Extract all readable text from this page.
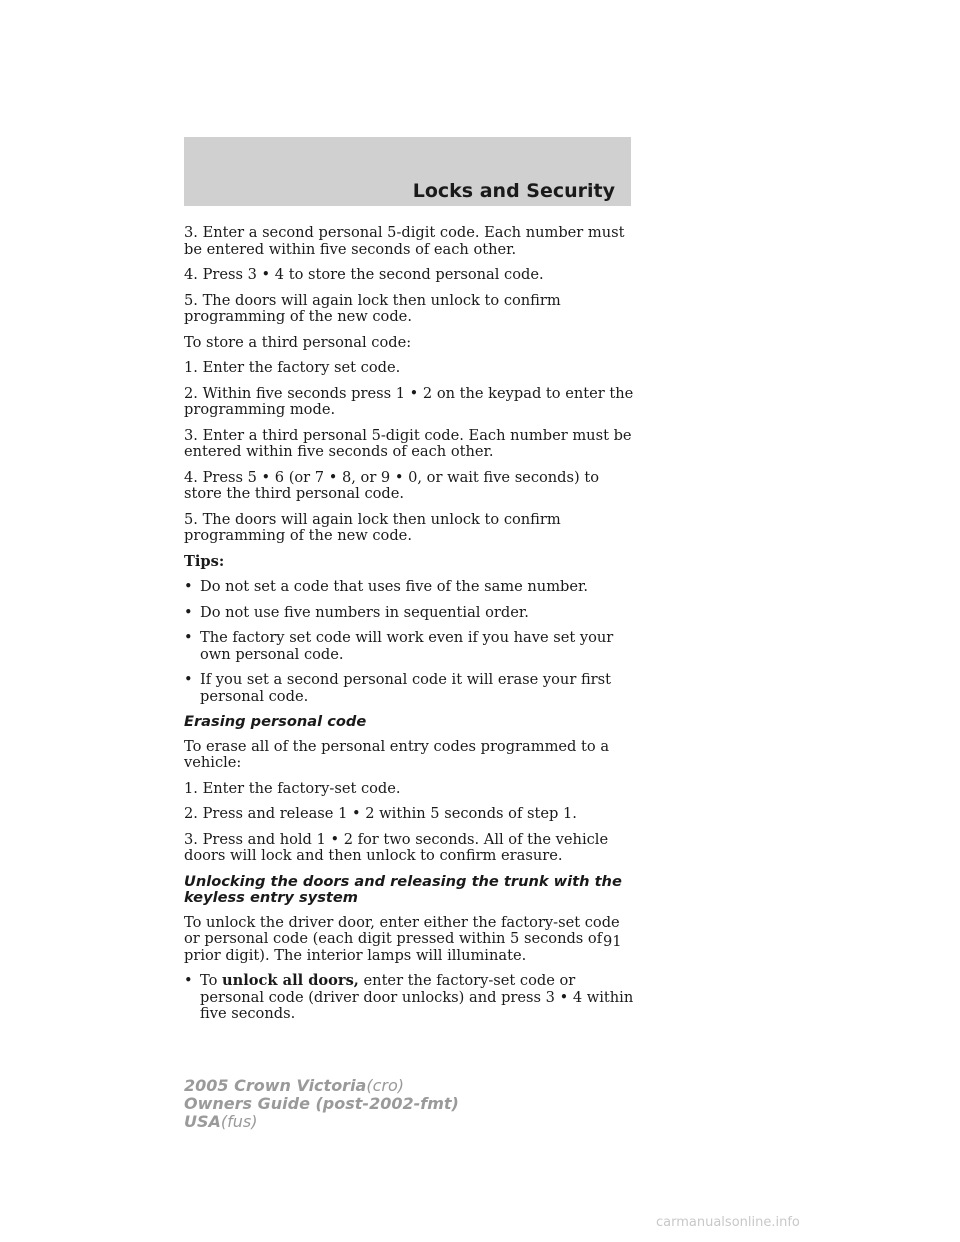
Locks and Security

3. Enter a second personal 5-digit code. Each number must be entered within five seconds of each other.

4. Press 3 • 4 to store the second personal code.

5. The doors will again lock then unlock to confirm programming of the new code.

To store a third personal code:

1. Enter the factory set code.

2. Within five seconds press 1 • 2 on the keypad to enter the programming mode.

3. Enter a third personal 5-digit code. Each number must be entered within five seconds of each other.

4. Press 5 • 6 (or 7 • 8, or 9 • 0, or wait five seconds) to store the third personal code.

5. The doors will again lock then unlock to confirm programming of the new code.

Tips:

• Do not set a code that uses five of the same number.

• Do not use five numbers in sequential order.

• The factory set code will work even if you have set your own personal code.

• If you set a second personal code it will erase your first personal code.

Erasing personal code

To erase all of the personal entry codes programmed to a vehicle:

1. Enter the factory-set code.

2. Press and release 1 • 2 within 5 seconds of step 1.

3. Press and hold 1 • 2 for two seconds. All of the vehicle doors will lock and then unlock to confirm erasure.

Unlocking the doors and releasing the trunk with the keyless entry system

To unlock the driver door, enter either the factory-set code or personal code (each digit pressed within 5 seconds of prior digit). The interior lamps will illuminate.

• To unlock all doors, enter the factory-set code or personal code (driver door unlocks) and press 3 • 4 within five seconds.

91
2005 Crown Victoria(cro)
Owners Guide (post-2002-fmt)
USA(fus)
carmanualsonline.info
